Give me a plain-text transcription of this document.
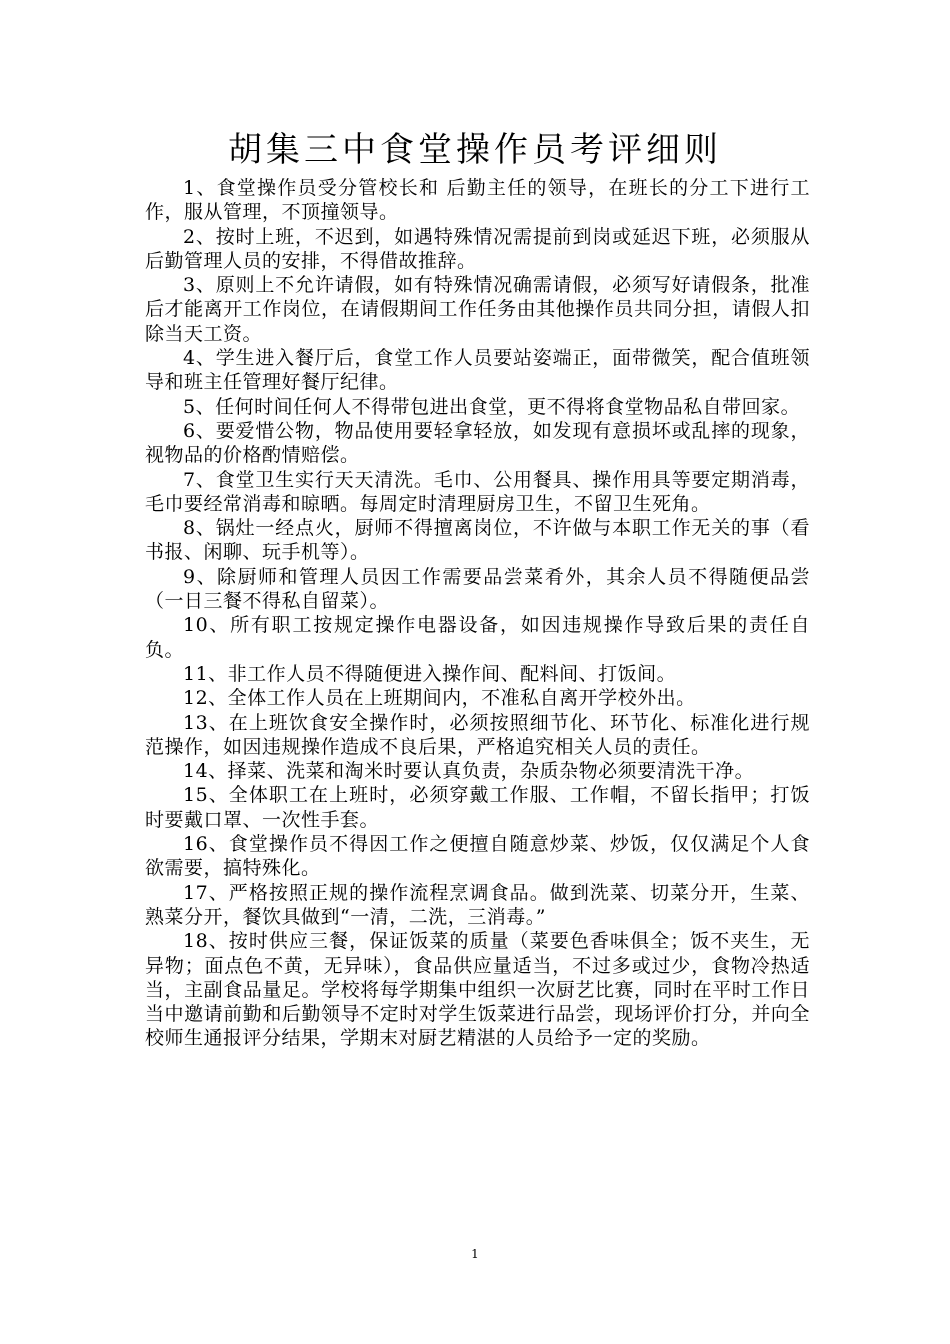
胡集三中食堂操作员考评细则

1、食堂操作员受分管校长和 后勤主任的领导，在班长的分工下进行工作，服从管理，不顶撞领导。

2、按时上班，不迟到，如遇特殊情况需提前到岗或延迟下班，必须服从后勤管理人员的安排，不得借故推辞。

3、原则上不允许请假，如有特殊情况确需请假，必须写好请假条，批准后才能离开工作岗位，在请假期间工作任务由其他操作员共同分担，请假人扣除当天工资。

4、学生进入餐厅后，食堂工作人员要站姿端正，面带微笑，配合值班领导和班主任管理好餐厅纪律。

5、任何时间任何人不得带包进出食堂，更不得将食堂物品私自带回家。

6、要爱惜公物，物品使用要轻拿轻放，如发现有意损坏或乱摔的现象，视物品的价格酌情赔偿。

7、食堂卫生实行天天清洗。毛巾、公用餐具、操作用具等要定期消毒，毛巾要经常消毒和晾晒。每周定时清理厨房卫生，不留卫生死角。

8、锅灶一经点火，厨师不得擅离岗位，不许做与本职工作无关的事（看书报、闲聊、玩手机等）。

9、除厨师和管理人员因工作需要品尝菜肴外，其余人员不得随便品尝（一日三餐不得私自留菜）。

10、所有职工按规定操作电器设备，如因违规操作导致后果的责任自负。

11、非工作人员不得随便进入操作间、配料间、打饭间。

12、全体工作人员在上班期间内，不准私自离开学校外出。

13、在上班饮食安全操作时，必须按照细节化、环节化、标准化进行规范操作，如因违规操作造成不良后果，严格追究相关人员的责任。

14、择菜、洗菜和淘米时要认真负责，杂质杂物必须要清洗干净。

15、全体职工在上班时，必须穿戴工作服、工作帽，不留长指甲；打饭时要戴口罩、一次性手套。

16、食堂操作员不得因工作之便擅自随意炒菜、炒饭，仅仅满足个人食欲需要，搞特殊化。

17、严格按照正规的操作流程烹调食品。做到洗菜、切菜分开，生菜、熟菜分开，餐饮具做到“一清，二洗，三消毒。”

18、按时供应三餐，保证饭菜的质量（菜要色香味俱全；饭不夹生，无异物；面点色不黄，无异味），食品供应量适当，不过多或过少，食物冷热适当，主副食品量足。学校将每学期集中组织一次厨艺比赛，同时在平时工作日当中邀请前勤和后勤领导不定时对学生饭菜进行品尝，现场评价打分，并向全校师生通报评分结果，学期末对厨艺精湛的人员给予一定的奖励。

1
